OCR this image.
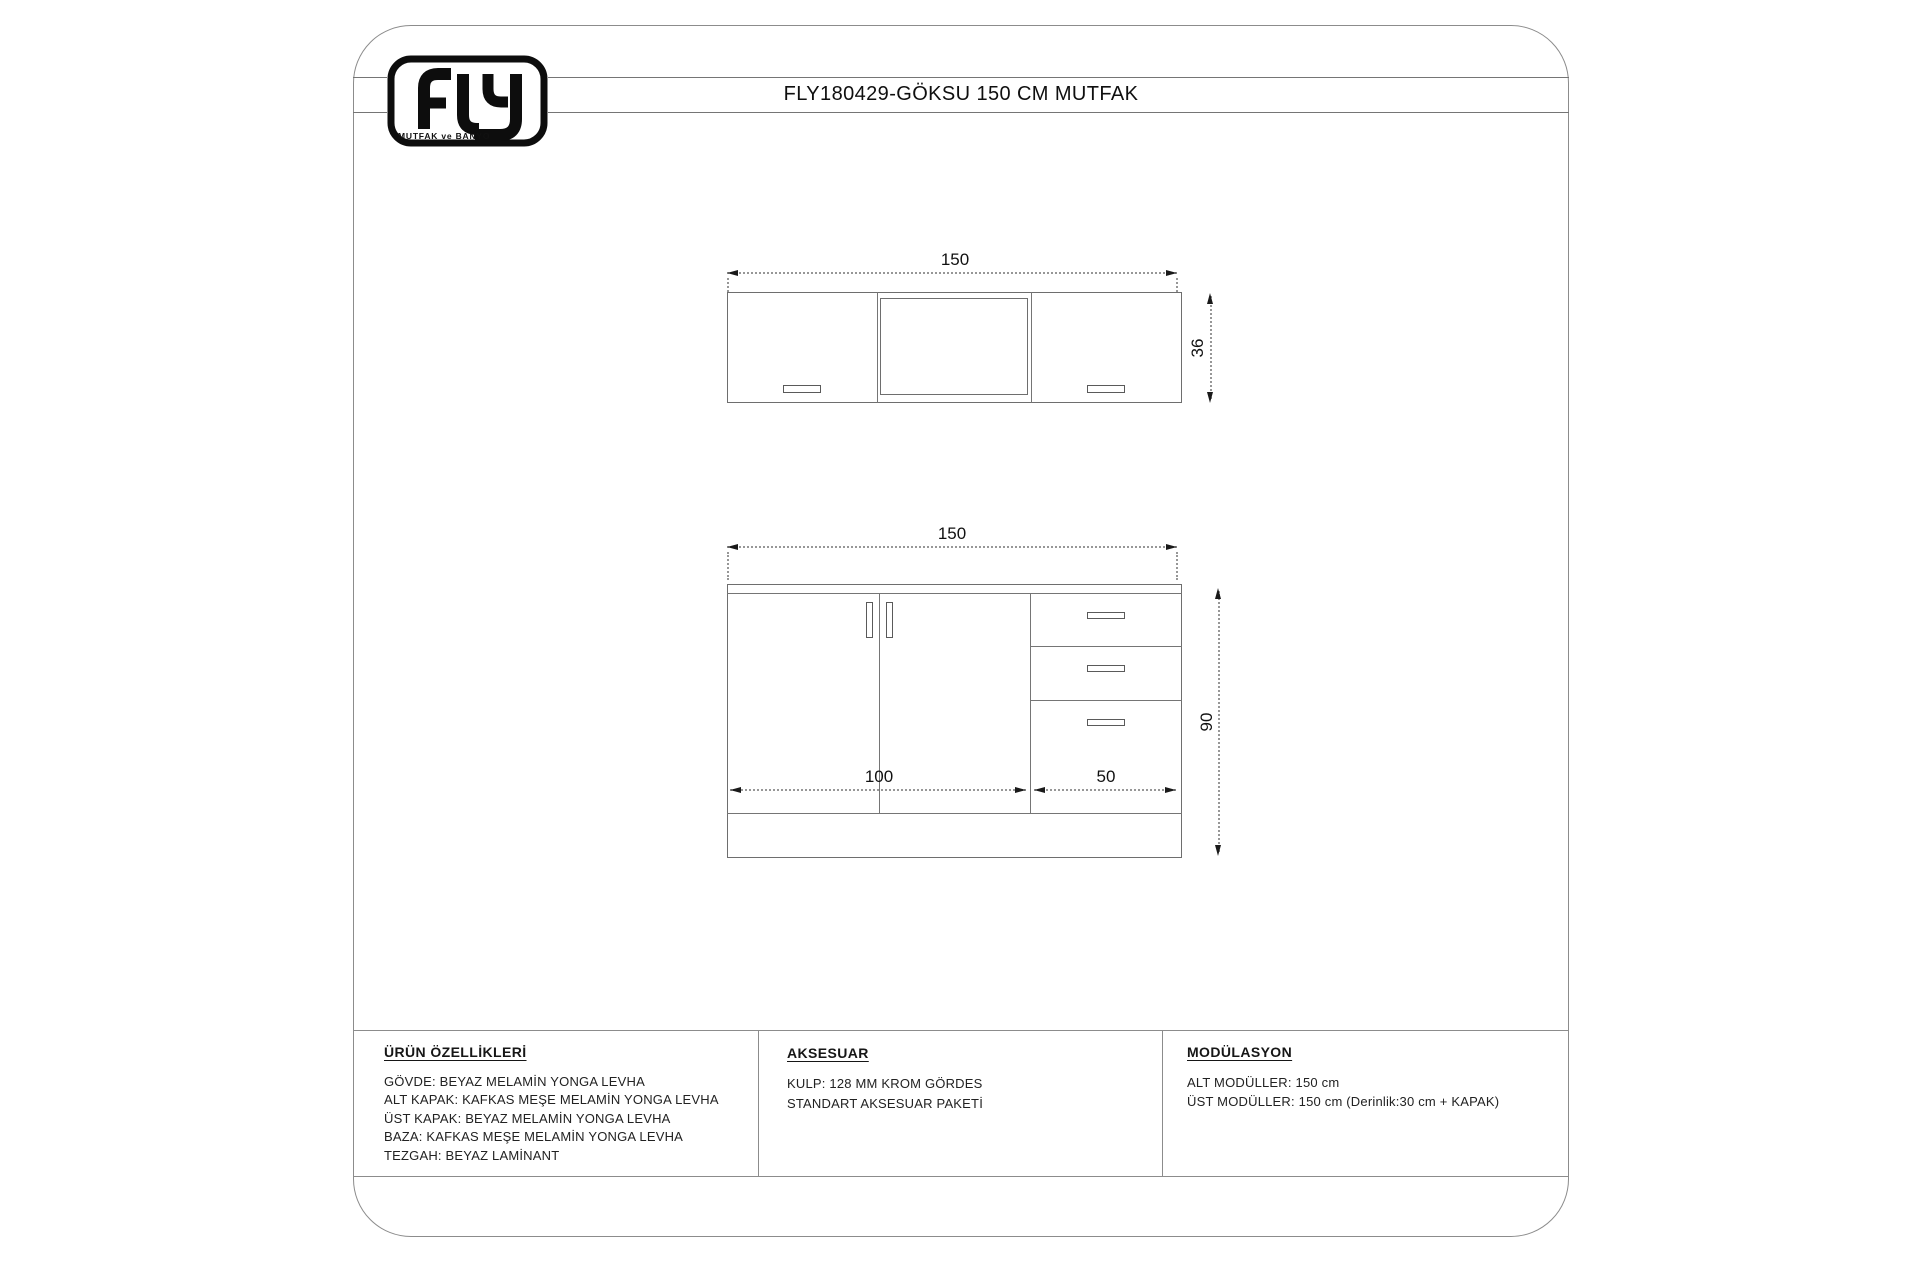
FLY180429-GÖKSU 150 CM MUTFAK
MUTFAK ve BANYO
150
36
150
100	50
90
ÜRÜN ÖZELLİKLERİ
GÖVDE: BEYAZ MELAMİN YONGA LEVHA
ALT KAPAK: KAFKAS MEŞE MELAMİN YONGA LEVHA
ÜST KAPAK: BEYAZ MELAMİN YONGA LEVHA
BAZA: KAFKAS MEŞE MELAMİN YONGA LEVHA
TEZGAH: BEYAZ LAMİNANT
AKSESUAR
KULP: 128 MM KROM GÖRDES
STANDART AKSESUAR PAKETİ
MODÜLASYON
ALT MODÜLLER: 150 cm
ÜST MODÜLLER: 150 cm (Derinlik:30 cm + KAPAK)
